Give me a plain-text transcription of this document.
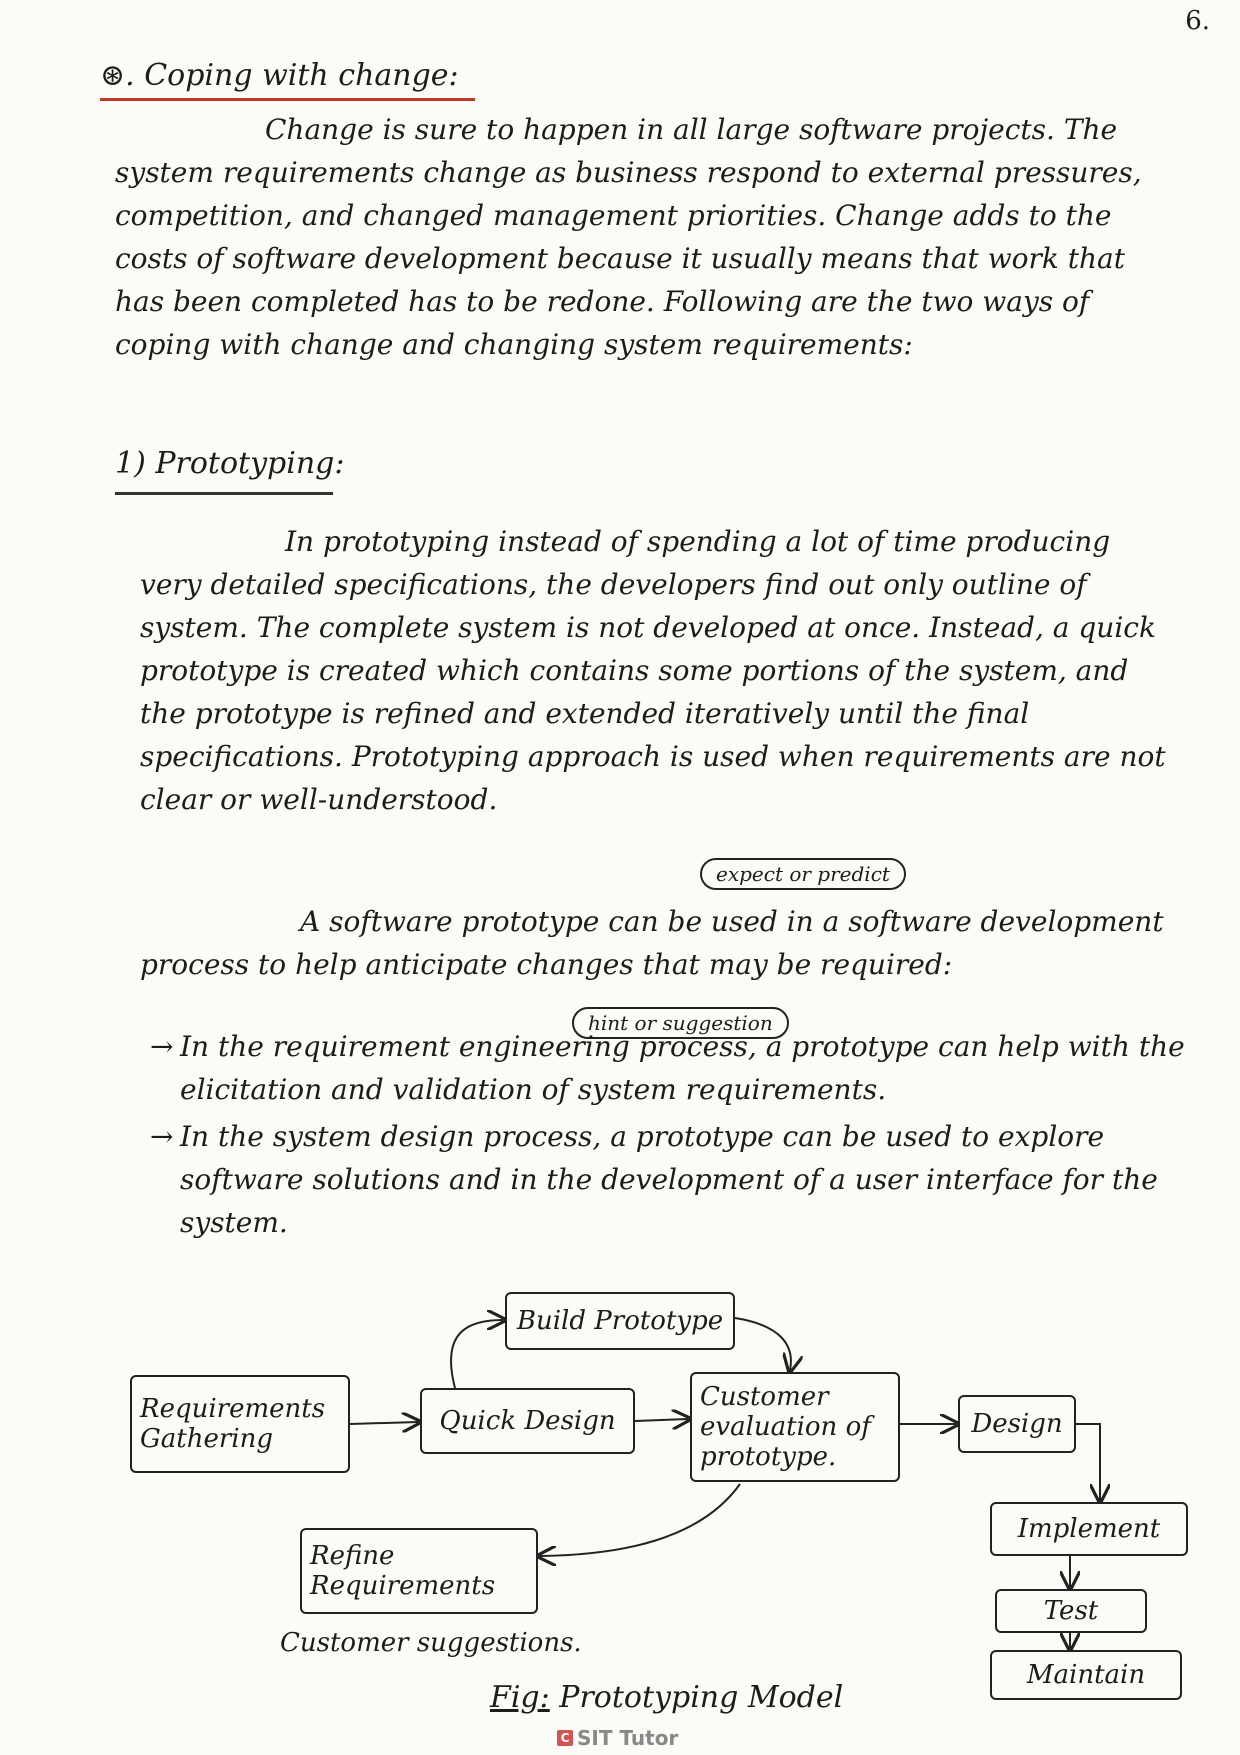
6.
⊛. Coping with change:

Change is sure to happen in all large software projects. The system requirements change as business respond to external pressures, competition, and changed management priorities. Change adds to the costs of software development because it usually means that work that has been completed has to be redone. Following are the two ways of coping with change and changing system requirements:

1) Prototyping:

In prototyping instead of spending a lot of time producing very detailed specifications, the developers find out only outline of system. The complete system is not developed at once. Instead, a quick prototype is created which contains some portions of the system, and the prototype is refined and extended iteratively until the final specifications. Prototyping approach is used when requirements are not clear or well-understood.

expect or predict

A software prototype can be used in a software development process to help anticipate changes that may be required:

hint or suggestion
→ In the requirement engineering process, a prototype can help with the elicitation and validation of system requirements.
→ In the system design process, a prototype can be used to explore software solutions and in the development of a user interface for the system.
Requirements Gathering
Quick Design
Build Prototype
Customer evaluation of prototype.
Design
Implement
Test
Maintain
Refine Requirements
Customer suggestions.
Fig: Prototyping Model
C SIT Tutor
